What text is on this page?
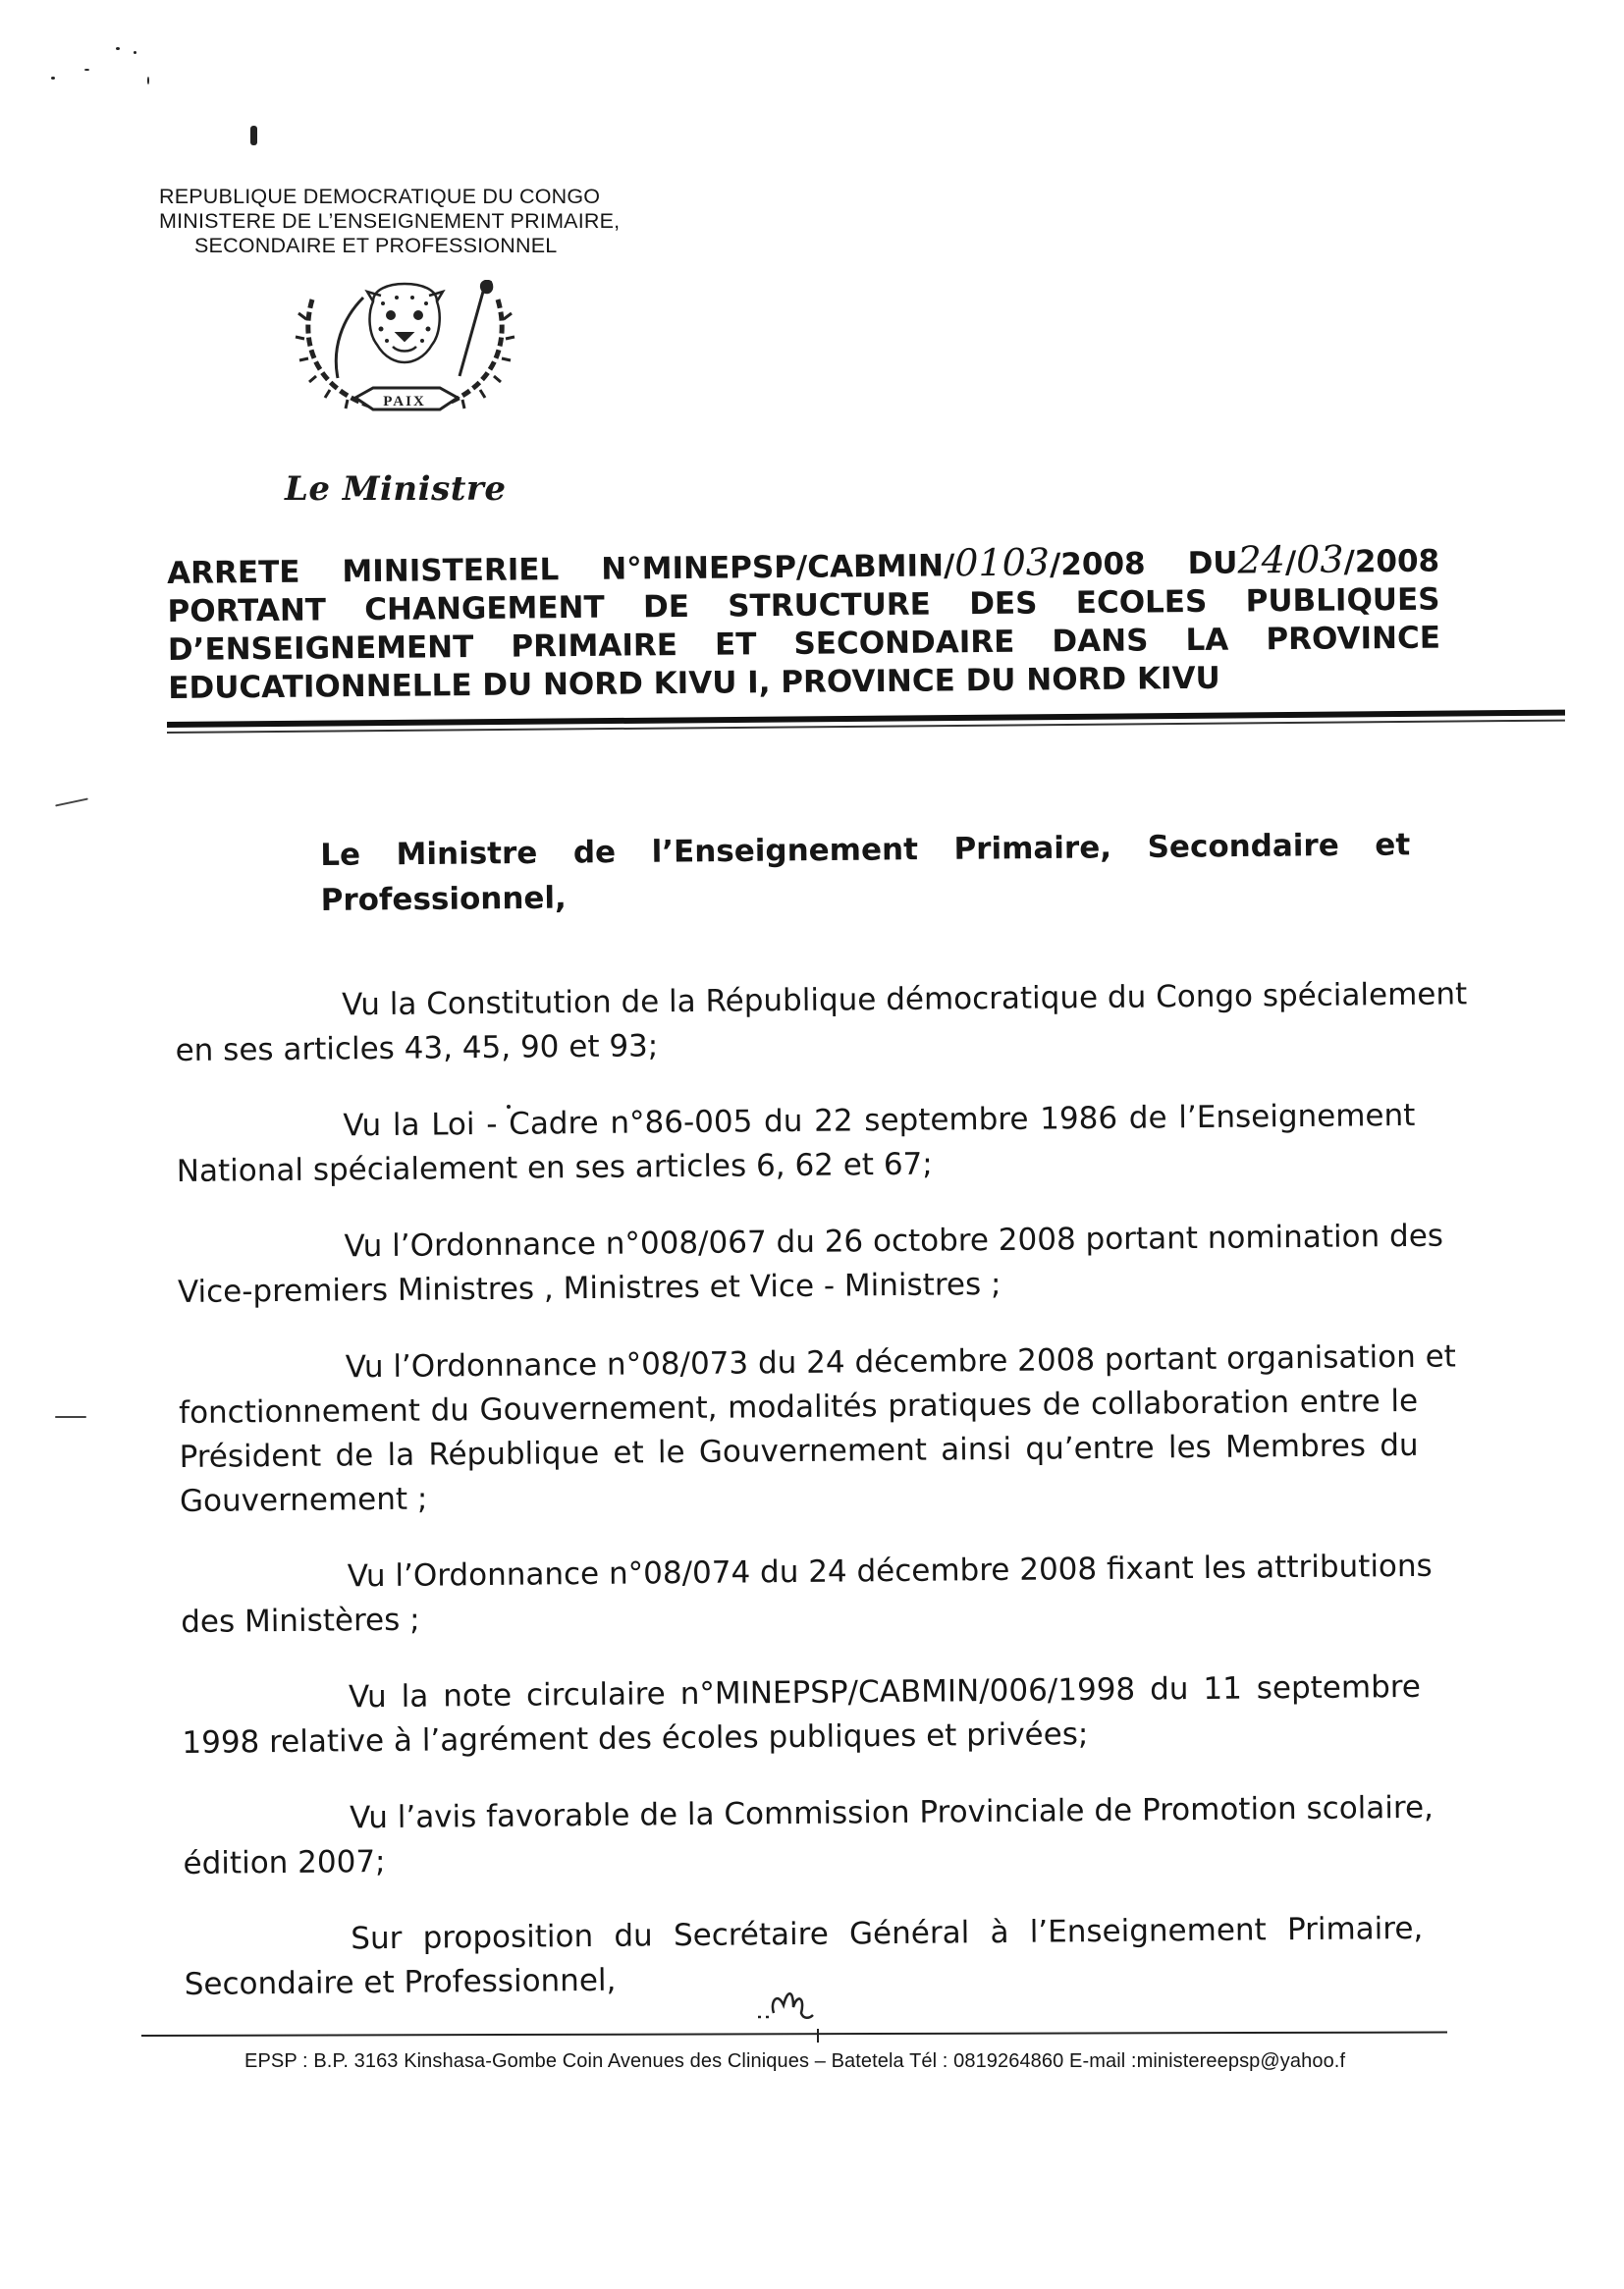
REPUBLIQUE DEMOCRATIQUE DU CONGO
MINISTERE DE L’ENSEIGNEMENT PRIMAIRE,
SECONDAIRE ET PROFESSIONNEL
PAIX
Le Ministre
ARRETE MINISTERIEL N°MINEPSP/CABMIN/0103/2008 DU24/03/2008
PORTANT CHANGEMENT DE STRUCTURE DES ECOLES PUBLIQUES
D’ENSEIGNEMENT PRIMAIRE ET SECONDAIRE DANS LA PROVINCE
EDUCATIONNELLE DU NORD KIVU I, PROVINCE DU NORD KIVU
Le Ministre de l’Enseignement Primaire, Secondaire et
Professionnel,
Vu la Constitution de la République démocratique du Congo spécialement
en ses articles 43, 45, 90 et 93;
Vu la Loi - Cadre n°86-005 du 22 septembre 1986 de l’Enseignement
National spécialement en ses articles 6, 62 et 67;
Vu l’Ordonnance n°008/067 du 26 octobre 2008 portant nomination des
Vice-premiers Ministres , Ministres et Vice - Ministres ;
Vu l’Ordonnance n°08/073 du 24 décembre 2008 portant organisation et
fonctionnement du Gouvernement, modalités pratiques de collaboration entre le
Président de la République et le Gouvernement ainsi qu’entre les Membres du
Gouvernement ;
Vu l’Ordonnance n°08/074 du 24 décembre 2008 fixant les attributions
des Ministères ;
Vu la note circulaire n°MINEPSP/CABMIN/006/1998 du 11 septembre
1998 relative à l’agrément des écoles publiques et privées;
Vu l’avis favorable de la Commission Provinciale de Promotion scolaire,
édition 2007;
Sur proposition du Secrétaire Général à l’Enseignement Primaire,
Secondaire et Professionnel,
EPSP : B.P. 3163 Kinshasa-Gombe Coin Avenues des Cliniques – Batetela Tél : 0819264860 E-mail :ministereepsp@yahoo.f
